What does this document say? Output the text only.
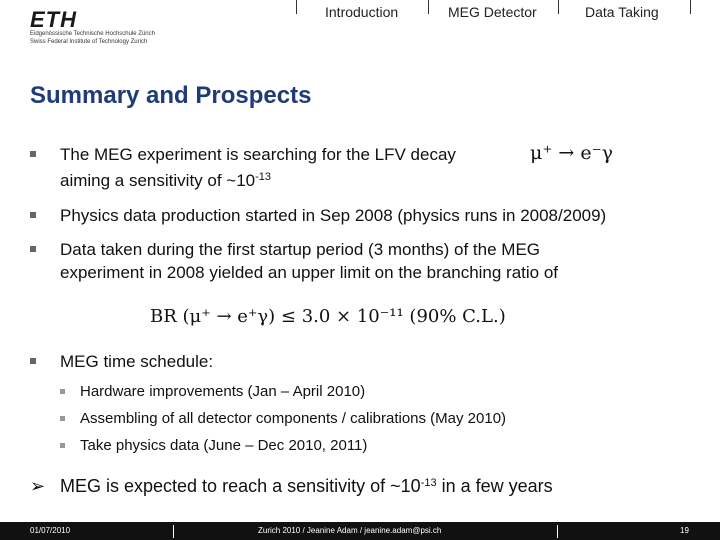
ETH
Eidgenössische Technische Hochschule Zürich
Swiss Federal Institute of Technology Zurich
Introduction	MEG Detector	Data Taking
Summary and Prospects
The MEG experiment is searching for the LFV decay
aiming a sensitivity of $\sim 10^{-13}$
μ⁺ → e⁻γ
Physics data production started in Sep 2008 (physics runs in 2008/2009)
Data taken during the first startup period (3 months) of the MEG
experiment in 2008 yielded an upper limit on the branching ratio of
BR (μ⁺ → e⁺γ) ≤ 3.0 × 10⁻¹¹ (90% C.L.)
MEG time schedule:
Hardware improvements (Jan – April 2010)
Assembling of all detector components / calibrations (May 2010)
Take physics data (June – Dec 2010, 2011)
➢ MEG is expected to reach a sensitivity of $\sim 10^{-13}$ in a few years
01/07/2010	Zurich 2010 / Jeanine Adam / jeanine.adam@psi.ch	19
